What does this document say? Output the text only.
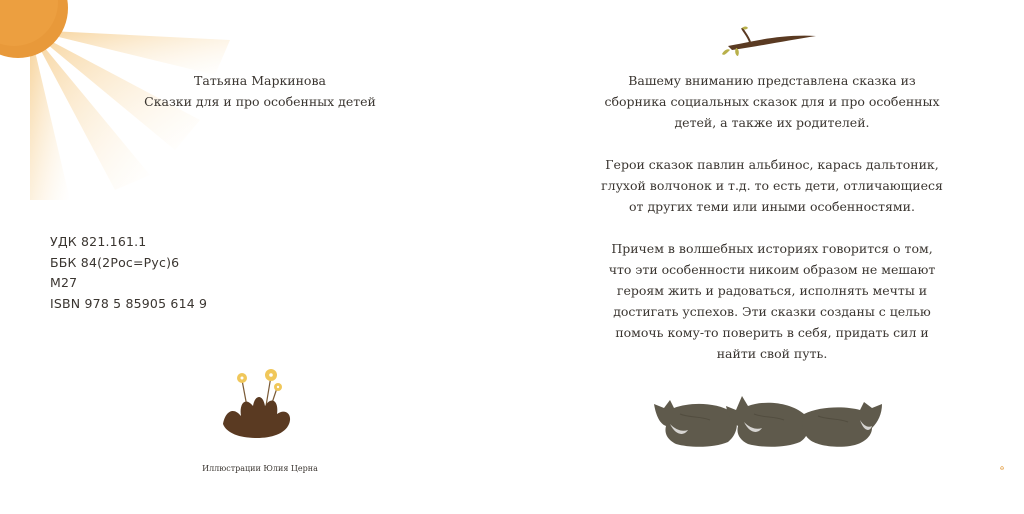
Татьяна Маркинова
Сказки для и про особенных детей
УДК 821.161.1
ББК 84(2Рос=Рус)6
М27
ISBN 978 5 85905 614 9
Иллюстрации Юлия Церна

Вашему вниманию представлена сказка из
сборника социальных сказок для и про особенных
детей, а также их родителей.

Герои сказок павлин альбинос, карась дальтоник,
глухой волчонок и т.д. то есть дети, отличающиеся
от других теми или иными особенностями.

Причем в волшебных историях говорится о том,
что эти особенности никоим образом не мешают
героям жить и радоваться, исполнять мечты и
достигать успехов. Эти сказки созданы с целью
помочь кому-то поверить в себя, придать сил и
найти свой путь.

Ф
